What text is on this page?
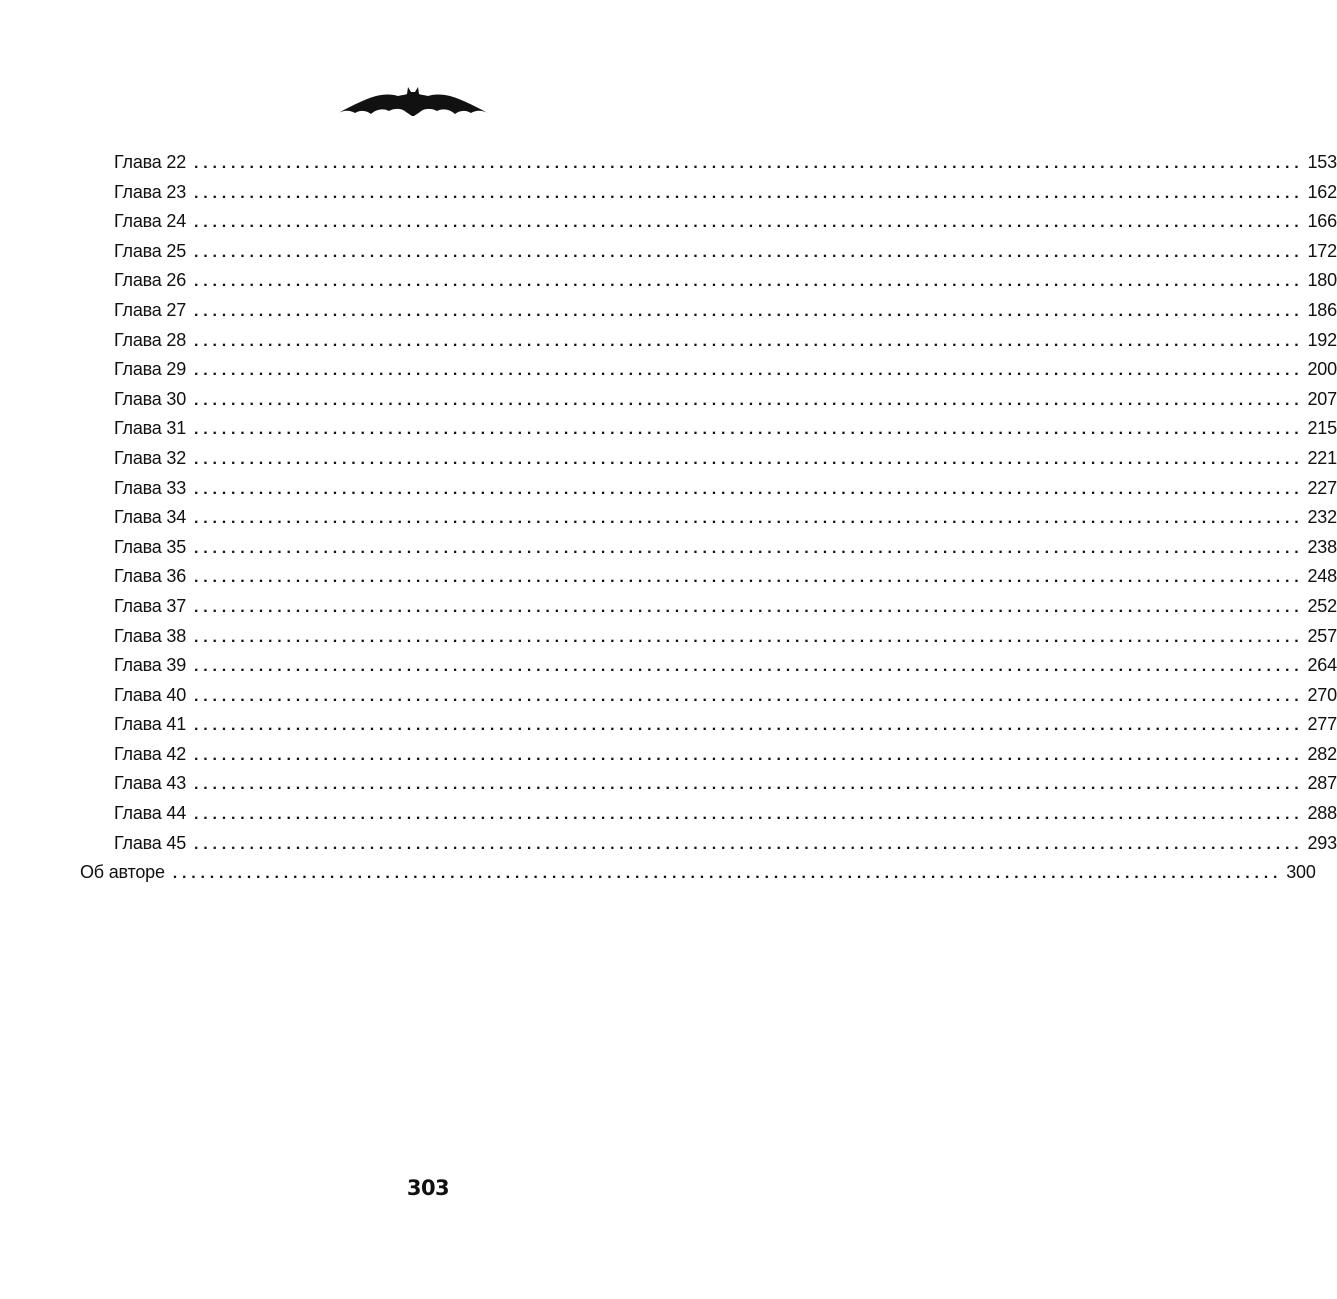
Глава 22 ........................................................................................................................ 153
Глава 23 ........................................................................................................................ 162
Глава 24 ........................................................................................................................ 166
Глава 25 ........................................................................................................................ 172
Глава 26 ........................................................................................................................ 180
Глава 27 ........................................................................................................................ 186
Глава 28 ........................................................................................................................ 192
Глава 29 ........................................................................................................................ 200
Глава 30 ........................................................................................................................ 207
Глава 31 ........................................................................................................................ 215
Глава 32 ........................................................................................................................ 221
Глава 33 ........................................................................................................................ 227
Глава 34 ........................................................................................................................ 232
Глава 35 ........................................................................................................................ 238
Глава 36 ........................................................................................................................ 248
Глава 37 ........................................................................................................................ 252
Глава 38 ........................................................................................................................ 257
Глава 39 ........................................................................................................................ 264
Глава 40 ........................................................................................................................ 270
Глава 41 ........................................................................................................................ 277
Глава 42 ........................................................................................................................ 282
Глава 43 ........................................................................................................................ 287
Глава 44 ........................................................................................................................ 288
Глава 45 ........................................................................................................................ 293
Об авторе ........................................................................................................................ 300
303
